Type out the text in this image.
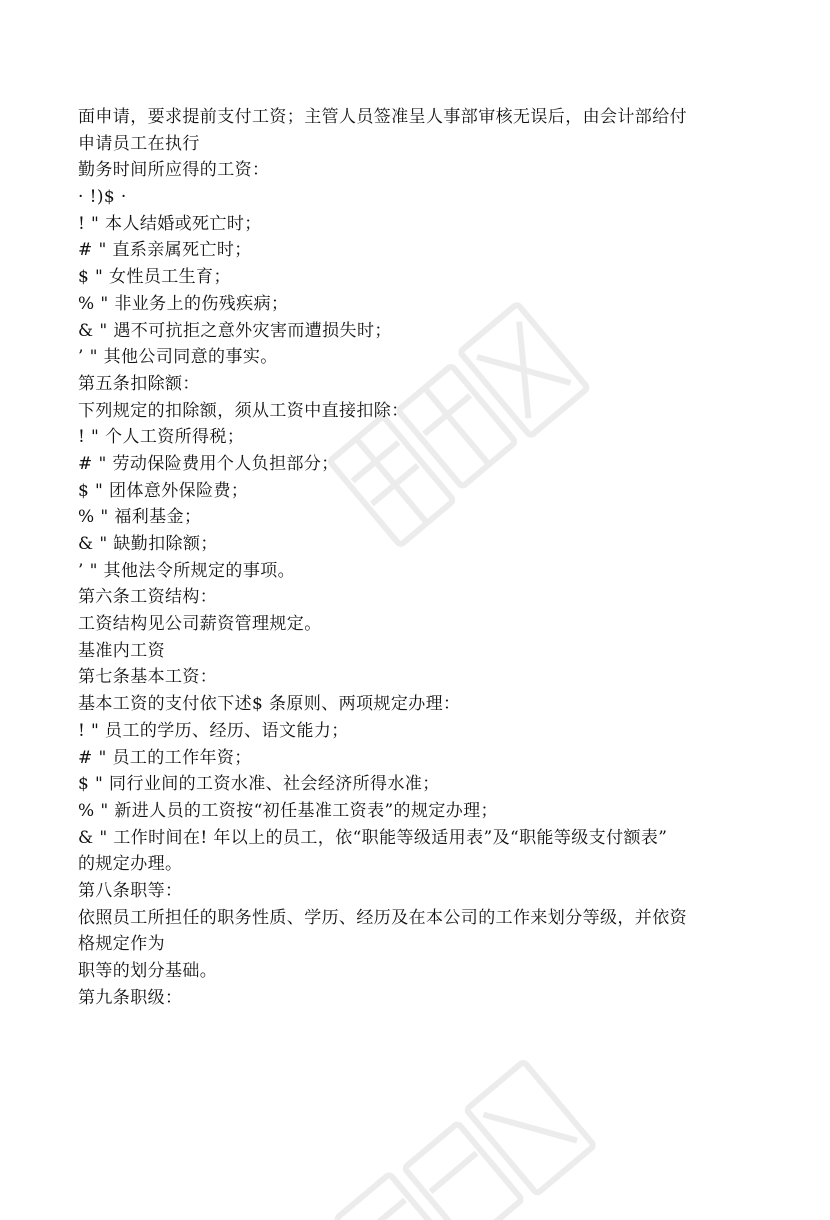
面申请，要求提前支付工资；主管人员签准呈人事部审核无误后，由会计部给付
申请员工在执行
勤务时间所应得的工资：
· !)$ ·
! " 本人结婚或死亡时；
# " 直系亲属死亡时；
$ " 女性员工生育；
% " 非业务上的伤残疾病；
& " 遇不可抗拒之意外灾害而遭损失时；
’ " 其他公司同意的事实。
第五条扣除额：
下列规定的扣除额，须从工资中直接扣除：
! " 个人工资所得税；
# " 劳动保险费用个人负担部分；
$ " 团体意外保险费；
% " 福利基金；
& " 缺勤扣除额；
’ " 其他法令所规定的事项。
第六条工资结构：
工资结构见公司薪资管理规定。
基准内工资
第七条基本工资：
基本工资的支付依下述$ 条原则、两项规定办理：
! " 员工的学历、经历、语文能力；
# " 员工的工作年资；
$ " 同行业间的工资水准、社会经济所得水准；
% " 新进人员的工资按“初任基准工资表”的规定办理；
& " 工作时间在! 年以上的员工，依“职能等级适用表”及“职能等级支付额表”
的规定办理。
第八条职等：
依照员工所担任的职务性质、学历、经历及在本公司的工作来划分等级，并依资
格规定作为
职等的划分基础。
第九条职级：
